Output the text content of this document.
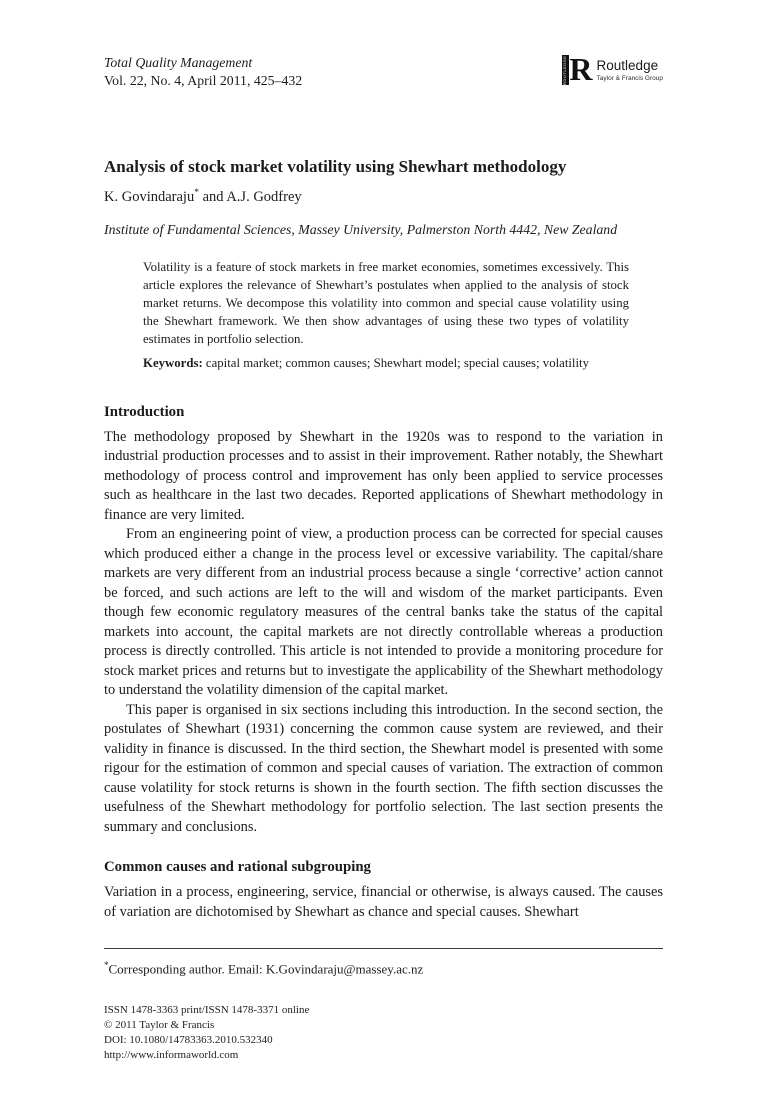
Total Quality Management
Vol. 22, No. 4, April 2011, 425–432	ROUTLEDGE R Routledge
Taylor & Francis Group
Analysis of stock market volatility using Shewhart methodology
K. Govindaraju* and A.J. Godfrey
Institute of Fundamental Sciences, Massey University, Palmerston North 4442, New Zealand
Volatility is a feature of stock markets in free market economies, sometimes excessively. This article explores the relevance of Shewhart’s postulates when applied to the analysis of stock market returns. We decompose this volatility into common and special cause volatility using the Shewhart framework. We then show advantages of using these two types of volatility estimates in portfolio selection.
Keywords: capital market; common causes; Shewhart model; special causes; volatility
Introduction

The methodology proposed by Shewhart in the 1920s was to respond to the variation in industrial production processes and to assist in their improvement. Rather notably, the Shewhart methodology of process control and improvement has only been applied to service processes such as healthcare in the last two decades. Reported applications of Shewhart methodology in finance are very limited.

From an engineering point of view, a production process can be corrected for special causes which produced either a change in the process level or excessive variability. The capital/share markets are very different from an industrial process because a single ‘corrective’ action cannot be forced, and such actions are left to the will and wisdom of the market participants. Even though few economic regulatory measures of the central banks take the status of the capital markets into account, the capital markets are not directly controllable whereas a production process is directly controlled. This article is not intended to provide a monitoring procedure for stock market prices and returns but to investigate the applicability of the Shewhart methodology to understand the volatility dimension of the capital market.

This paper is organised in six sections including this introduction. In the second section, the postulates of Shewhart (1931) concerning the common cause system are reviewed, and their validity in finance is discussed. In the third section, the Shewhart model is presented with some rigour for the estimation of common and special causes of variation. The extraction of common cause volatility for stock returns is shown in the fourth section. The fifth section discusses the usefulness of the Shewhart methodology for portfolio selection. The last section presents the summary and conclusions.

Common causes and rational subgrouping

Variation in a process, engineering, service, financial or otherwise, is always caused. The causes of variation are dichotomised by Shewhart as chance and special causes. Shewhart

*Corresponding author. Email: K.Govindaraju@massey.ac.nz
ISSN 1478-3363 print/ISSN 1478-3371 online
© 2011 Taylor & Francis
DOI: 10.1080/14783363.2010.532340
http://www.informaworld.com
